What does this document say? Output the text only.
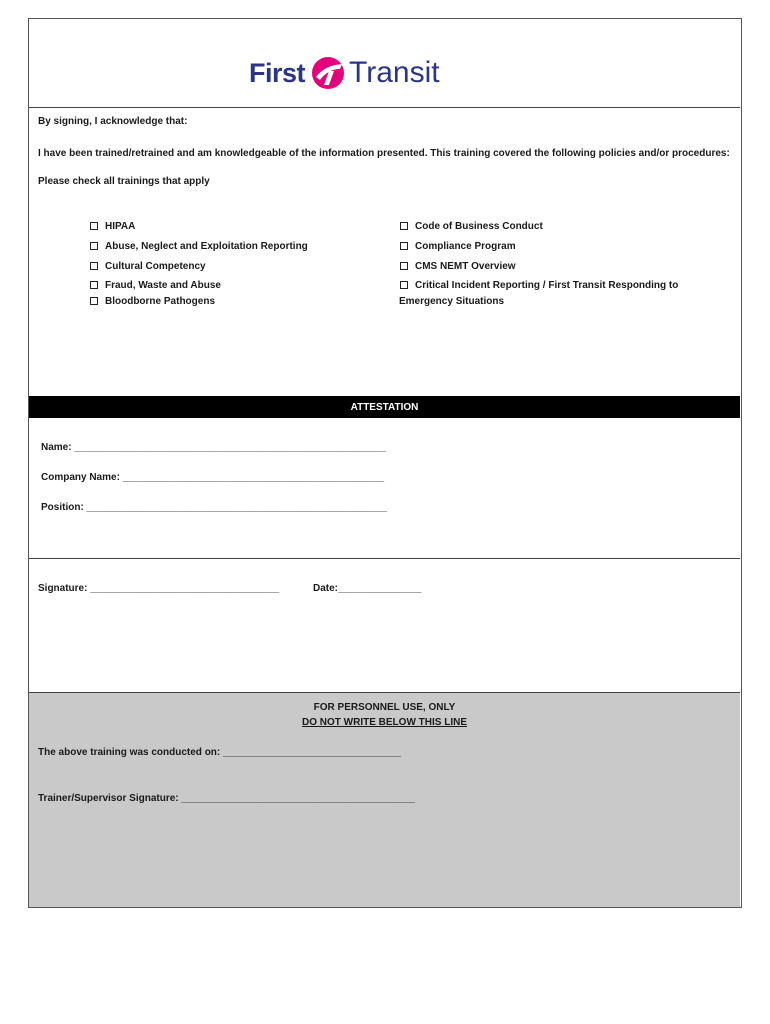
First Transit
By signing, I acknowledge that:
I have been trained/retrained and am knowledgeable of the information presented. This training covered the following policies and/or procedures:
Please check all trainings that apply
HIPAA
Abuse, Neglect and Exploitation Reporting
Cultural Competency
Fraud, Waste and Abuse
Bloodborne Pathogens
Code of Business Conduct
Compliance Program
CMS NEMT Overview
Critical Incident Reporting / First Transit Responding to
Emergency Situations
ATTESTATION
Name: ________________________________________________________
Company Name: _______________________________________________
Position: ______________________________________________________
Signature: __________________________________	Date:_______________
FOR PERSONNEL USE, ONLY
DO NOT WRITE BELOW THIS LINE
The above training was conducted on: ________________________________
Trainer/Supervisor Signature: __________________________________________
